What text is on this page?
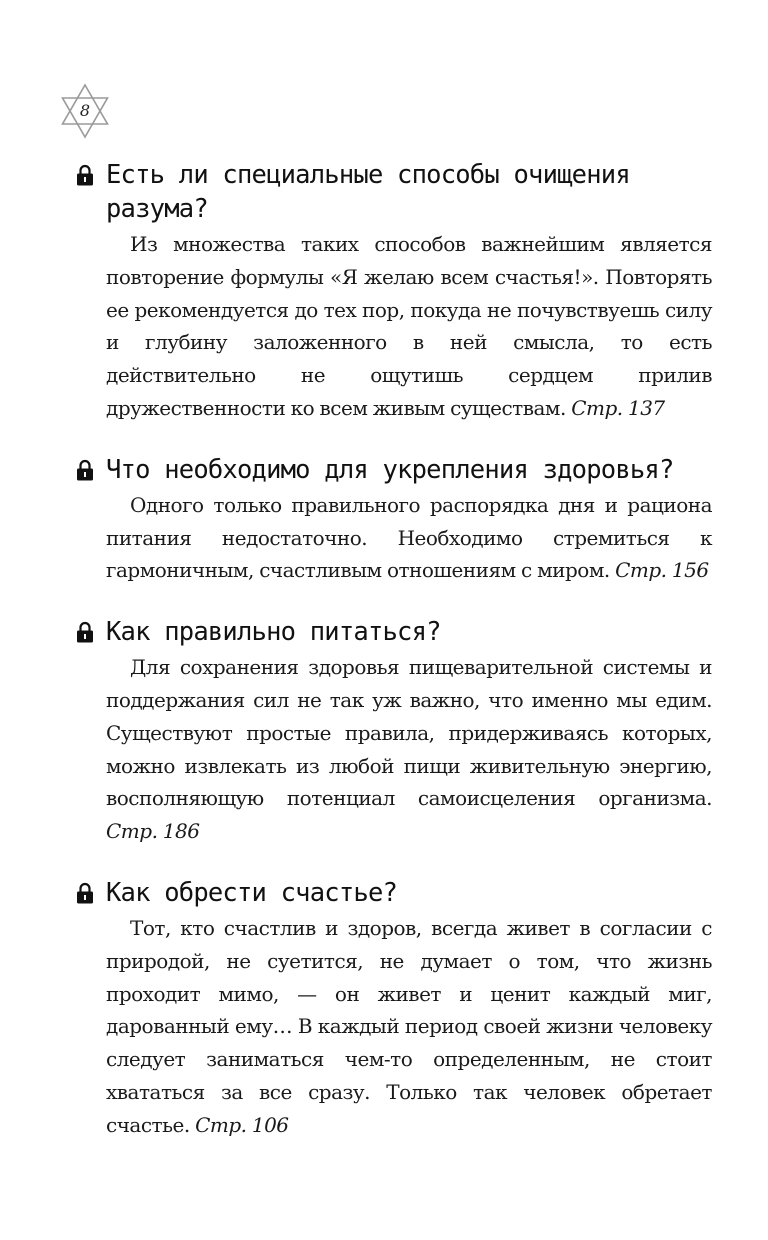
8
Есть ли специальные способы очищения разума?

Из множества таких способов важнейшим является повторение формулы «Я желаю всем счастья!». Повторять ее рекомендуется до тех пор, покуда не почувствуешь силу и глубину заложенного в ней смысла, то есть действительно не ощутишь сердцем прилив дружественности ко всем живым существам. Стр. 137

Что необходимо для укрепления здоровья?

Одного только правильного распорядка дня и рациона питания недостаточно. Необходимо стремиться к гармоничным, счастливым отношениям с миром. Стр. 156

Как правильно питаться?

Для сохранения здоровья пищеварительной системы и поддержания сил не так уж важно, что именно мы едим. Существуют простые правила, придерживаясь которых, можно извлекать из любой пищи живительную энергию, восполняющую потенциал самоисцеления организма. Стр. 186

Как обрести счастье?

Тот, кто счастлив и здоров, всегда живет в согласии с природой, не суетится, не думает о том, что жизнь проходит мимо, — он живет и ценит каждый миг, дарованный ему… В каждый период своей жизни человеку следует заниматься чем-то определенным, не стоит хвататься за все сразу. Только так человек обретает счастье. Стр. 106
